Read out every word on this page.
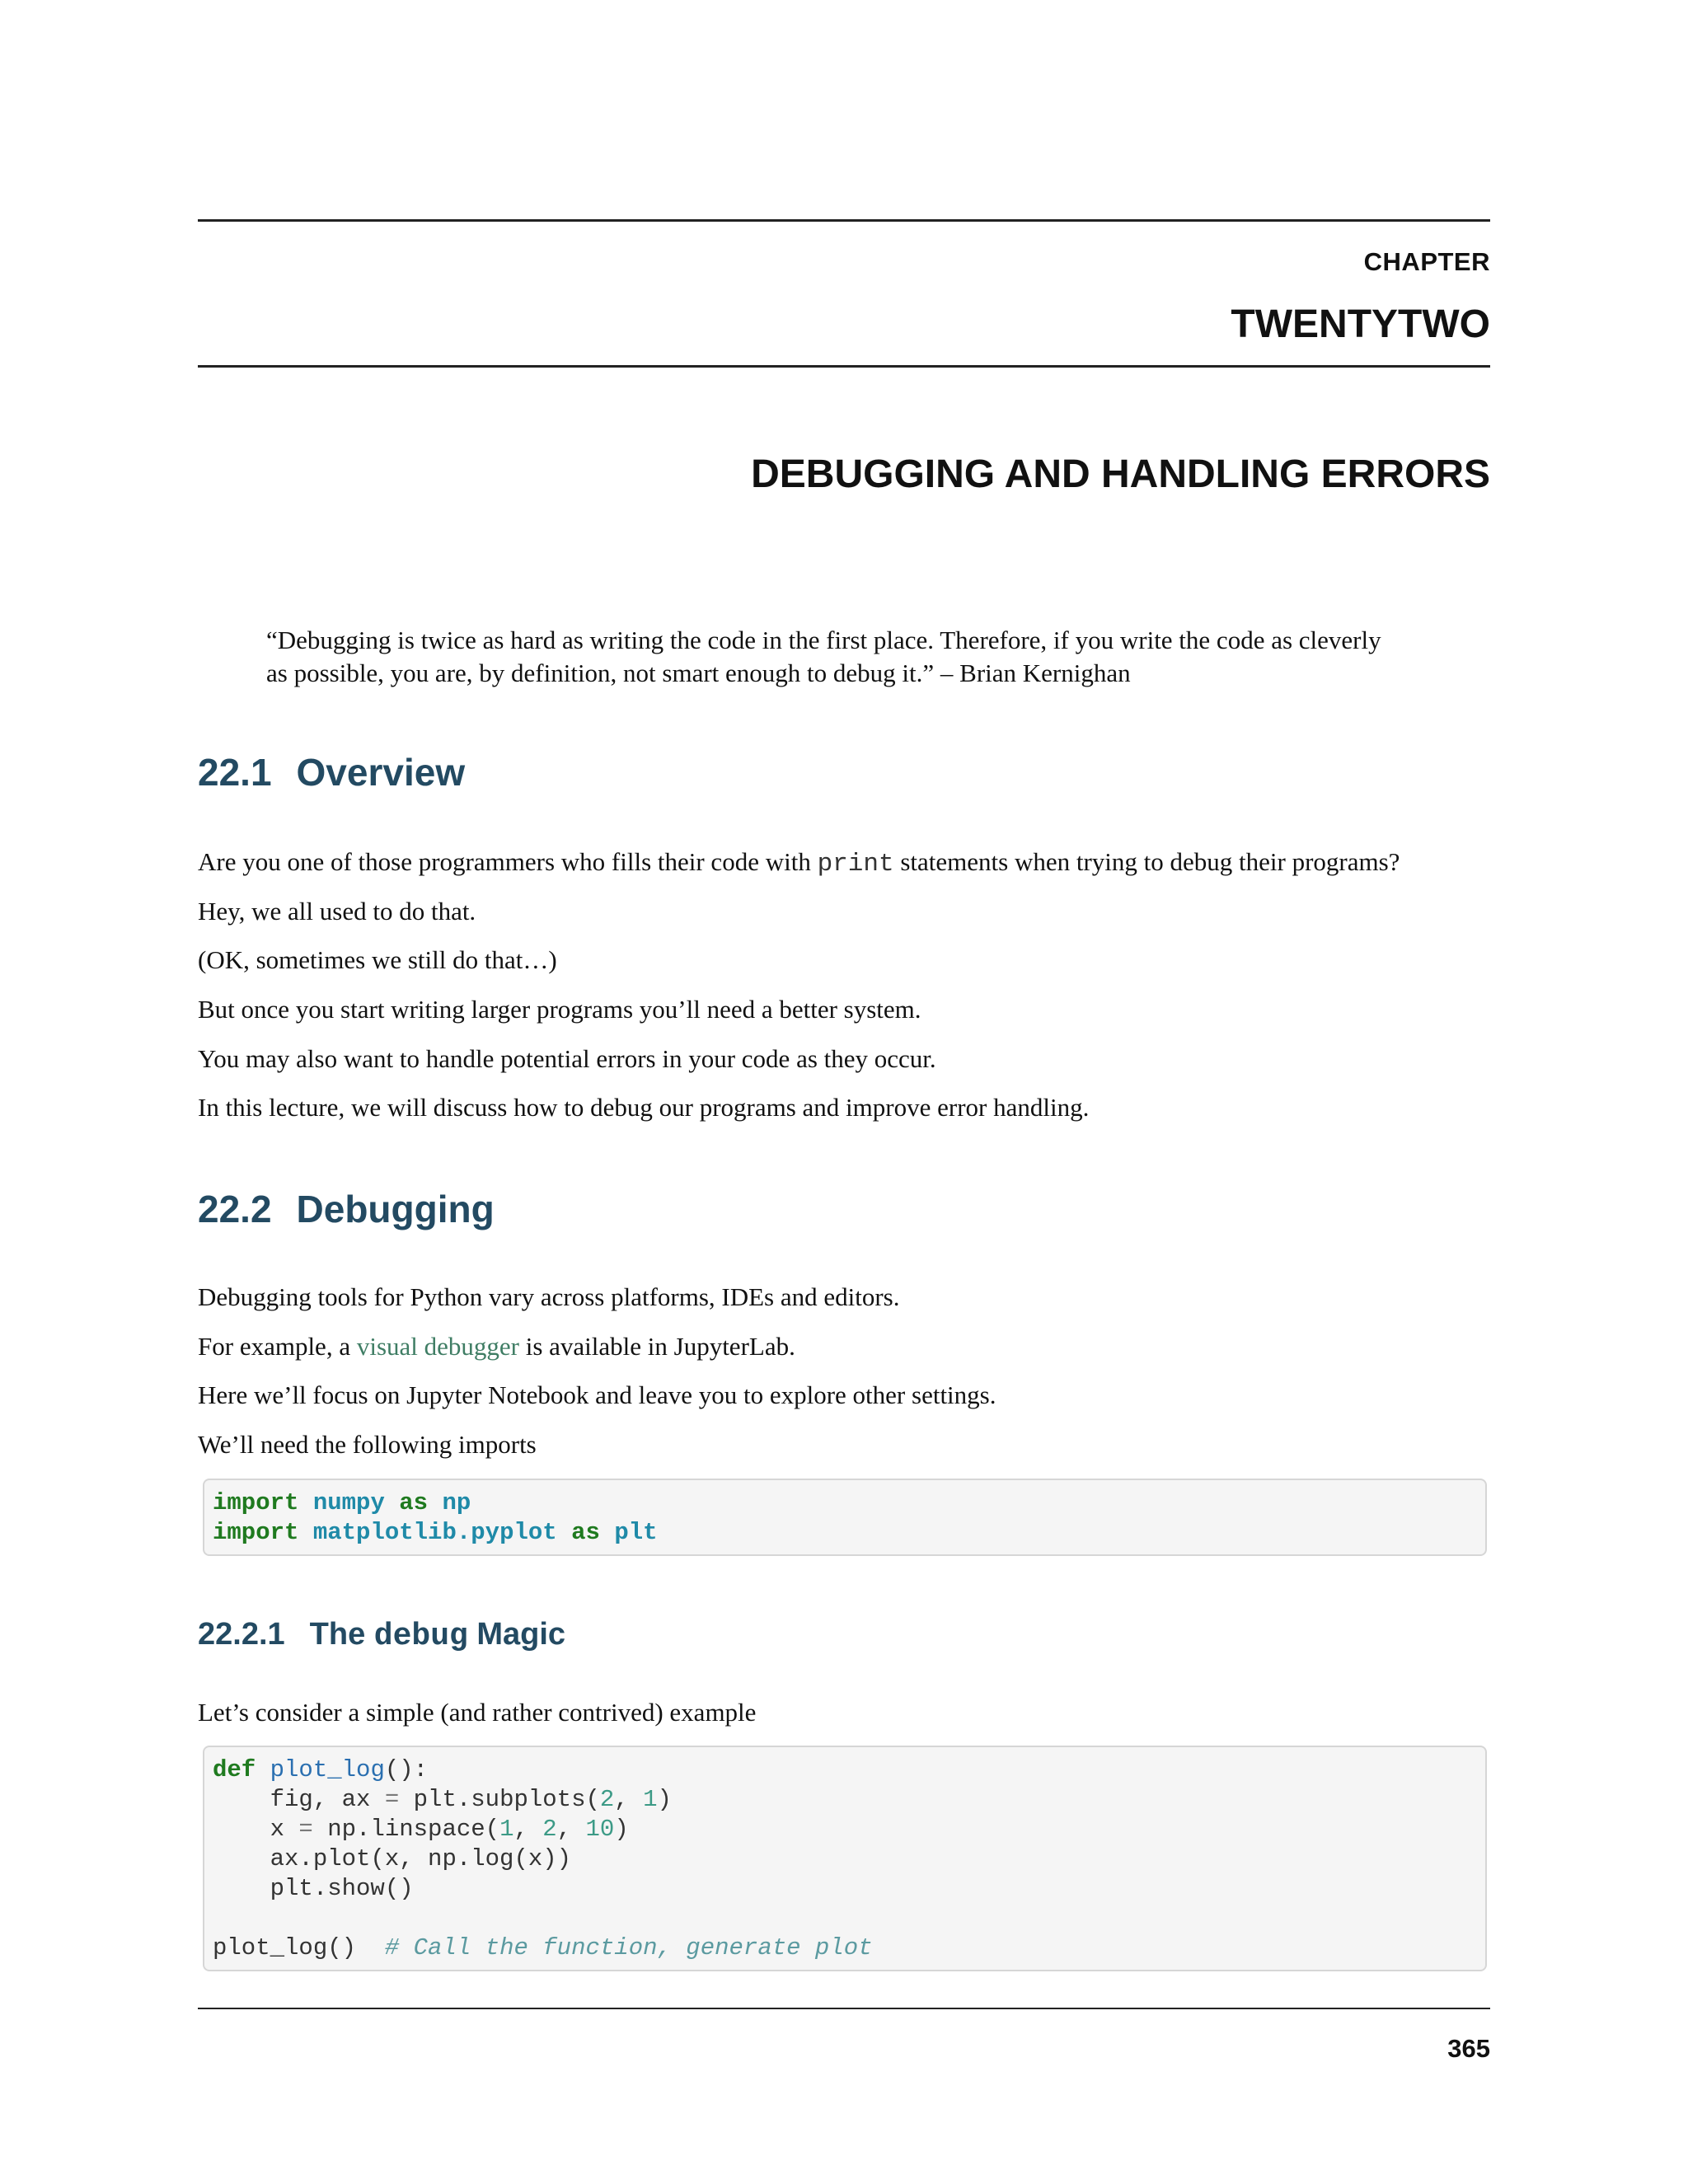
CHAPTER
TWENTYTWO
DEBUGGING AND HANDLING ERRORS
“Debugging is twice as hard as writing the code in the first place. Therefore, if you write the code as cleverly
as possible, you are, by definition, not smart enough to debug it.” – Brian Kernighan
22.1 Overview
Are you one of those programmers who fills their code with print statements when trying to debug their programs?
Hey, we all used to do that.
(OK, sometimes we still do that…)
But once you start writing larger programs you’ll need a better system.
You may also want to handle potential errors in your code as they occur.
In this lecture, we will discuss how to debug our programs and improve error handling.
22.2 Debugging
Debugging tools for Python vary across platforms, IDEs and editors.
For example, a visual debugger is available in JupyterLab.
Here we’ll focus on Jupyter Notebook and leave you to explore other settings.
We’ll need the following imports
import numpy as np
import matplotlib.pyplot as plt
22.2.1 The debug Magic
Let’s consider a simple (and rather contrived) example
def plot_log():
fig, ax = plt.subplots(2, 1)
x = np.linspace(1, 2, 10)
ax.plot(x, np.log(x))
plt.show()
plot_log()  # Call the function, generate plot
365
